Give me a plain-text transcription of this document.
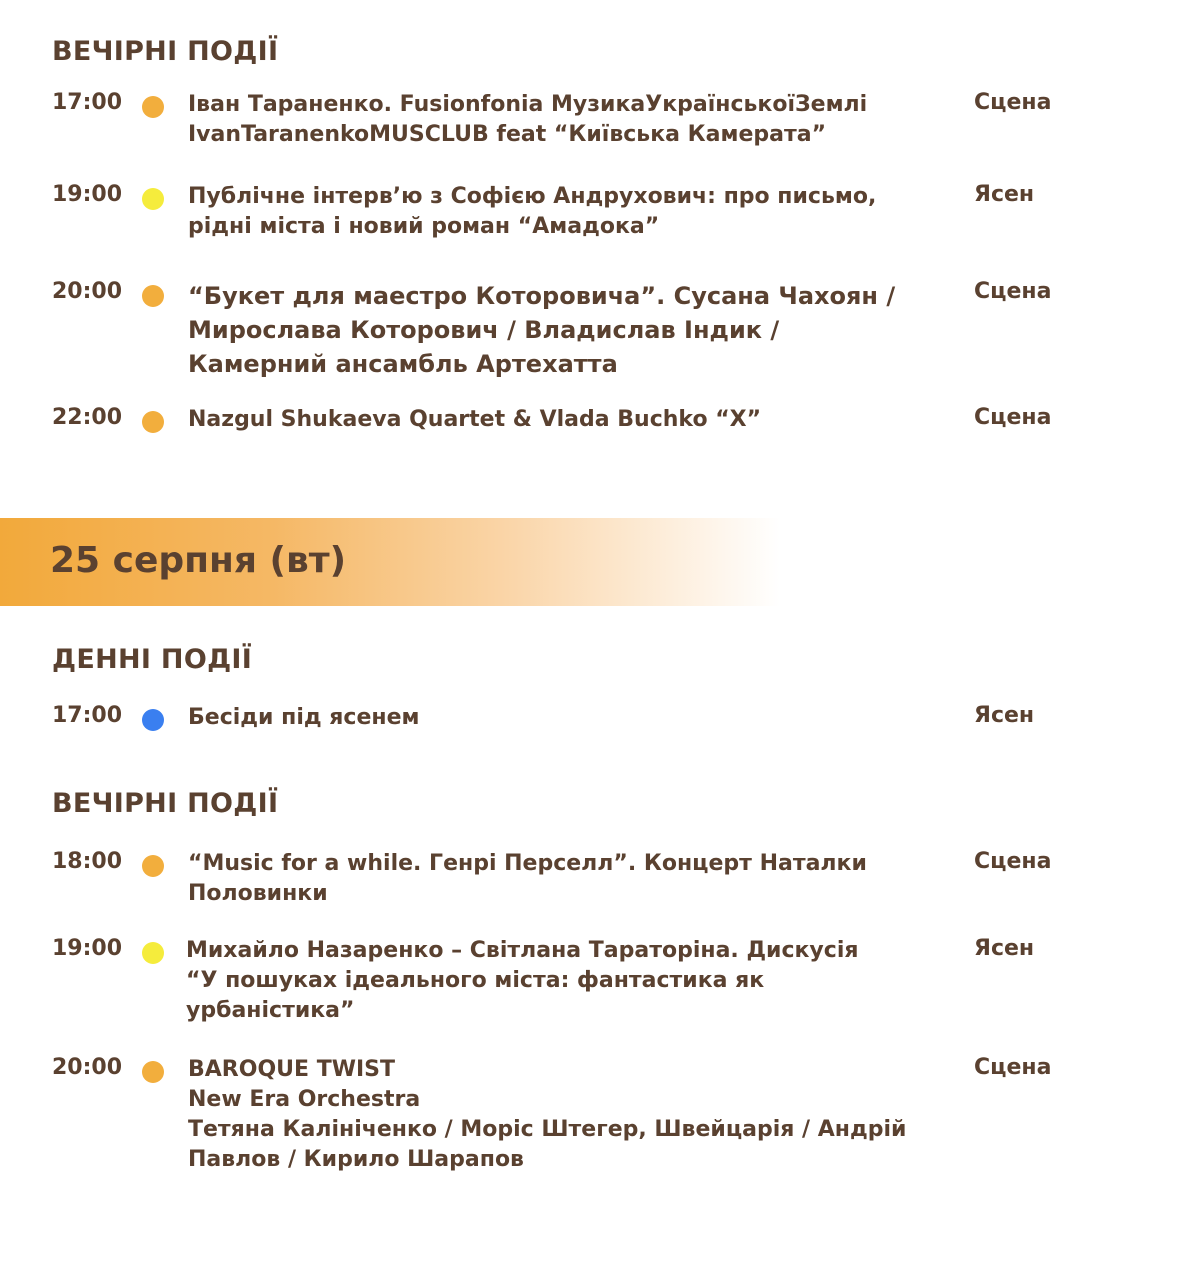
ВЕЧІРНІ ПОДІЇ
17:00	Іван Тараненко. Fusionfonia МузикаУкраїнськоїЗемлі
IvanTaranenkoMUSCLUB feat “Київська Камерата”
Сцена
19:00	Публічне інтерв’ю з Софією Андрухович: про письмо,
рідні міста і новий роман “Амадока”
Ясен
20:00	“Букет для маестро Которовича”. Сусана Чахоян /
Мирослава Которович / Владислав Індик /
Камерний ансамбль Артехатта
Сцена
22:00	Nazgul Shukaeva Quartet & Vlada Buchko “X”	Сцена
25 серпня (вт)
ДЕННІ ПОДІЇ
17:00	Бесіди під ясенем	Ясен
ВЕЧІРНІ ПОДІЇ
18:00	“Music for a while. Генрі Перселл”. Концерт Наталки
Половинки
Сцена
19:00	Михайло Назаренко – Світлана Тараторіна. Дискусія
“У пошуках ідеального міста: фантастика як
урбаністика”
Ясен
20:00	BAROQUE TWIST
New Era Orchestra
Тетяна Калініченко / Моріс Штегер, Швейцарія / Андрій
Павлов / Кирило Шарапов
Сцена
